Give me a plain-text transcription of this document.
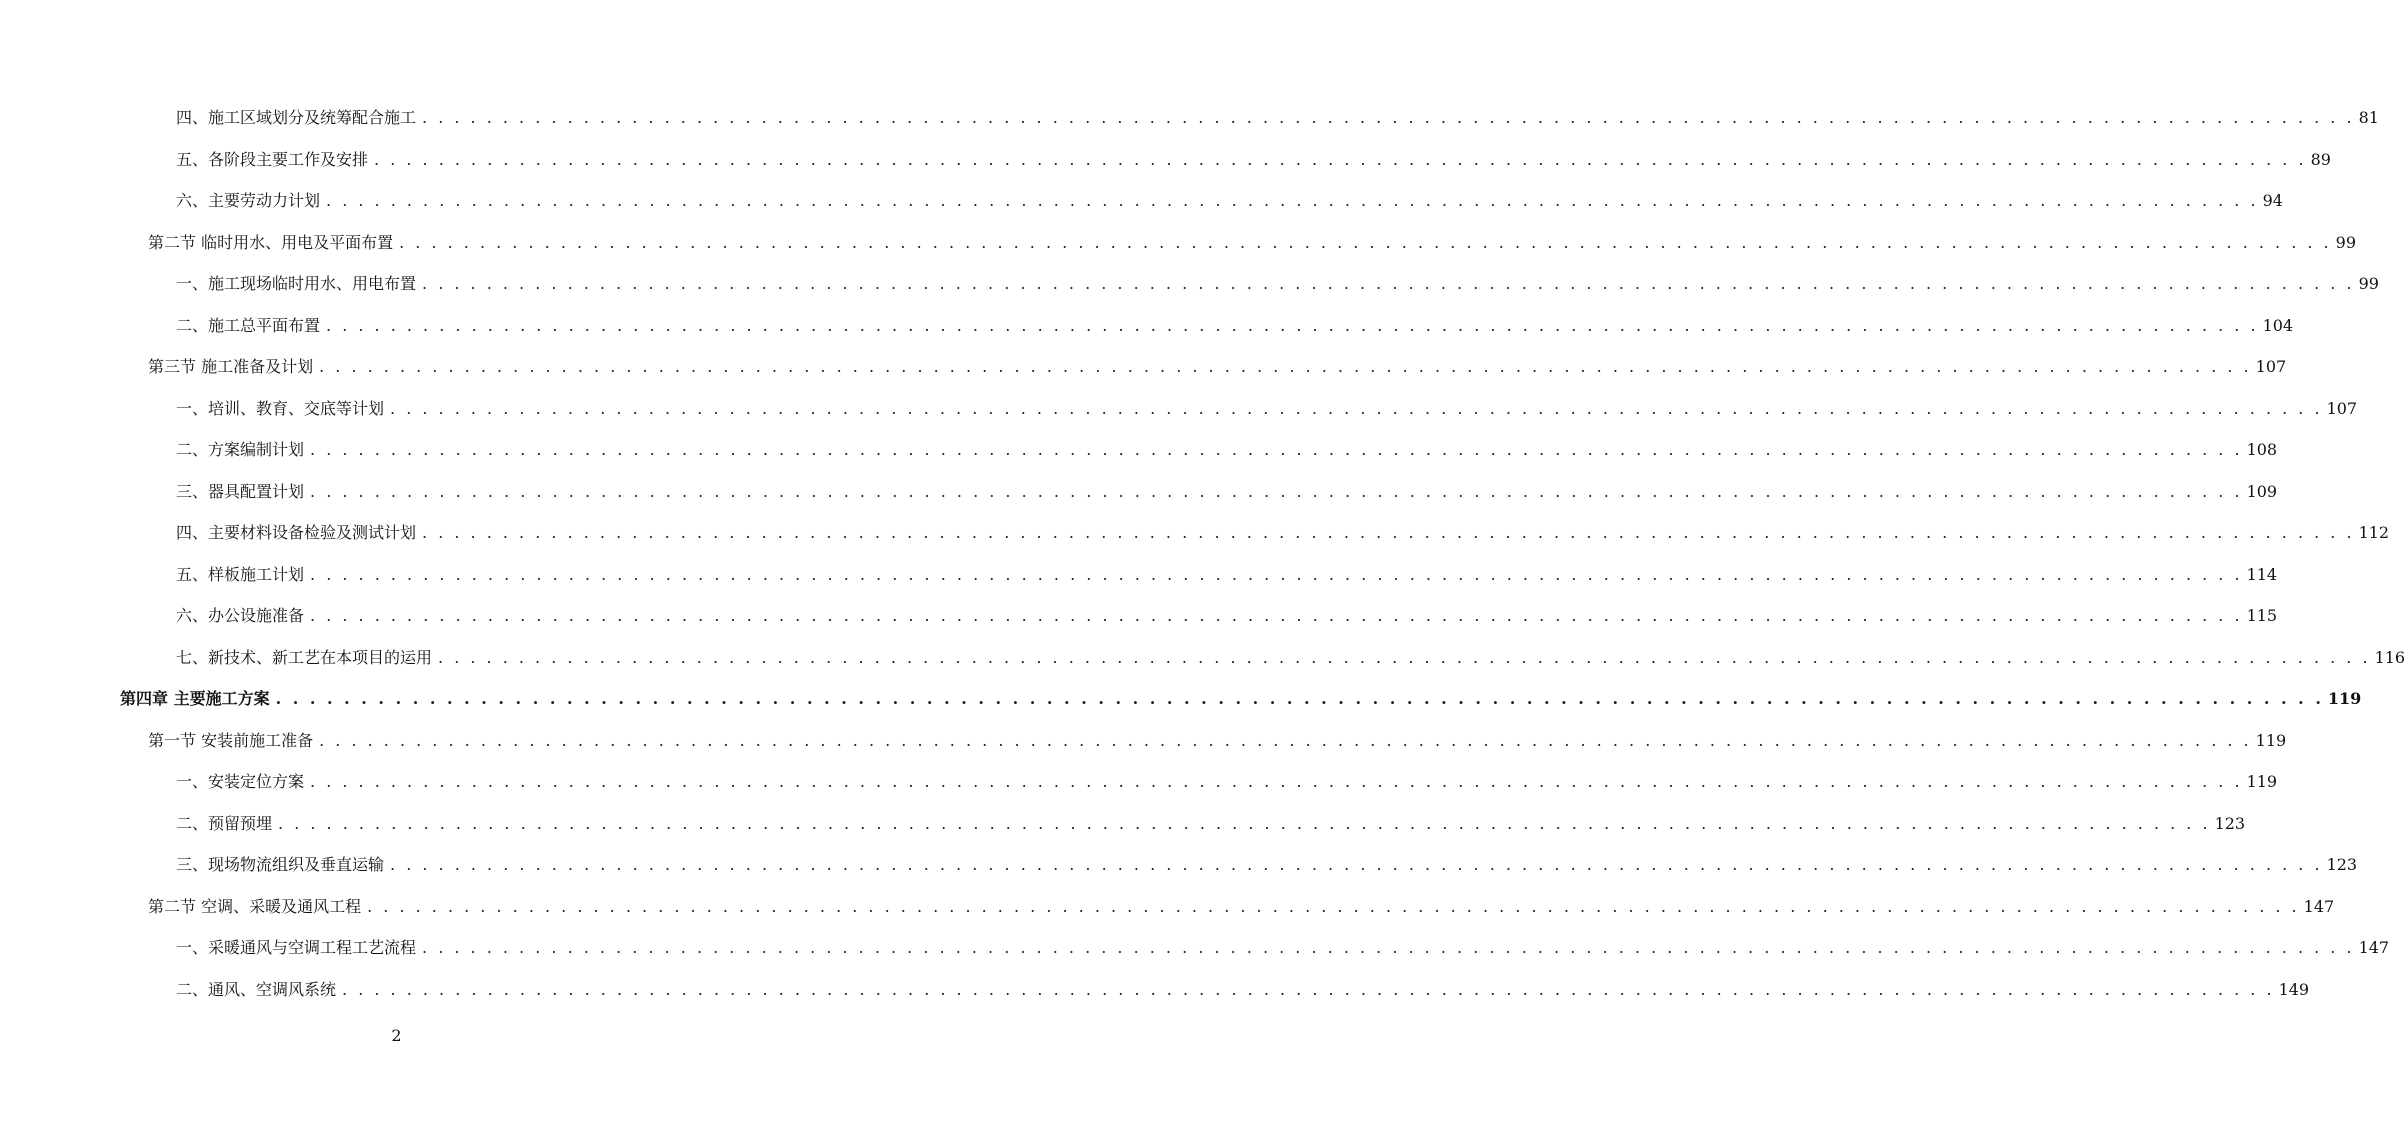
四、施工区域划分及统筹配合施工 . . . . . . . . . . . . . . . . . . . . . . . . . . . . . . . . . . . . . . . . . . . . . . . . . . . . . . . . . . . . . . . . . . . . . . . . . . . . . . . . . . . . . . . . . . . . . . . . . . . . . . . . . . . . . . . . . . . . . . . . 81
五、各阶段主要工作及安排 . . . . . . . . . . . . . . . . . . . . . . . . . . . . . . . . . . . . . . . . . . . . . . . . . . . . . . . . . . . . . . . . . . . . . . . . . . . . . . . . . . . . . . . . . . . . . . . . . . . . . . . . . . . . . . . . . . . . . . . . 89
六、主要劳动力计划 . . . . . . . . . . . . . . . . . . . . . . . . . . . . . . . . . . . . . . . . . . . . . . . . . . . . . . . . . . . . . . . . . . . . . . . . . . . . . . . . . . . . . . . . . . . . . . . . . . . . . . . . . . . . . . . . . . . . . . . . 94
第二节 临时用水、用电及平面布置 . . . . . . . . . . . . . . . . . . . . . . . . . . . . . . . . . . . . . . . . . . . . . . . . . . . . . . . . . . . . . . . . . . . . . . . . . . . . . . . . . . . . . . . . . . . . . . . . . . . . . . . . . . . . . . . . . . . . . . . . 99
一、施工现场临时用水、用电布置 . . . . . . . . . . . . . . . . . . . . . . . . . . . . . . . . . . . . . . . . . . . . . . . . . . . . . . . . . . . . . . . . . . . . . . . . . . . . . . . . . . . . . . . . . . . . . . . . . . . . . . . . . . . . . . . . . . . . . . . . 99
二、施工总平面布置 . . . . . . . . . . . . . . . . . . . . . . . . . . . . . . . . . . . . . . . . . . . . . . . . . . . . . . . . . . . . . . . . . . . . . . . . . . . . . . . . . . . . . . . . . . . . . . . . . . . . . . . . . . . . . . . . . . . . . . . . 104
第三节 施工准备及计划 . . . . . . . . . . . . . . . . . . . . . . . . . . . . . . . . . . . . . . . . . . . . . . . . . . . . . . . . . . . . . . . . . . . . . . . . . . . . . . . . . . . . . . . . . . . . . . . . . . . . . . . . . . . . . . . . . . . . . . . . 107
一、培训、教育、交底等计划 . . . . . . . . . . . . . . . . . . . . . . . . . . . . . . . . . . . . . . . . . . . . . . . . . . . . . . . . . . . . . . . . . . . . . . . . . . . . . . . . . . . . . . . . . . . . . . . . . . . . . . . . . . . . . . . . . . . . . . . . 107
二、方案编制计划 . . . . . . . . . . . . . . . . . . . . . . . . . . . . . . . . . . . . . . . . . . . . . . . . . . . . . . . . . . . . . . . . . . . . . . . . . . . . . . . . . . . . . . . . . . . . . . . . . . . . . . . . . . . . . . . . . . . . . . . . 108
三、器具配置计划 . . . . . . . . . . . . . . . . . . . . . . . . . . . . . . . . . . . . . . . . . . . . . . . . . . . . . . . . . . . . . . . . . . . . . . . . . . . . . . . . . . . . . . . . . . . . . . . . . . . . . . . . . . . . . . . . . . . . . . . . 109
四、主要材料设备检验及测试计划 . . . . . . . . . . . . . . . . . . . . . . . . . . . . . . . . . . . . . . . . . . . . . . . . . . . . . . . . . . . . . . . . . . . . . . . . . . . . . . . . . . . . . . . . . . . . . . . . . . . . . . . . . . . . . . . . . . . . . . . . 112
五、样板施工计划 . . . . . . . . . . . . . . . . . . . . . . . . . . . . . . . . . . . . . . . . . . . . . . . . . . . . . . . . . . . . . . . . . . . . . . . . . . . . . . . . . . . . . . . . . . . . . . . . . . . . . . . . . . . . . . . . . . . . . . . . 114
六、办公设施准备 . . . . . . . . . . . . . . . . . . . . . . . . . . . . . . . . . . . . . . . . . . . . . . . . . . . . . . . . . . . . . . . . . . . . . . . . . . . . . . . . . . . . . . . . . . . . . . . . . . . . . . . . . . . . . . . . . . . . . . . . 115
七、新技术、新工艺在本项目的运用 . . . . . . . . . . . . . . . . . . . . . . . . . . . . . . . . . . . . . . . . . . . . . . . . . . . . . . . . . . . . . . . . . . . . . . . . . . . . . . . . . . . . . . . . . . . . . . . . . . . . . . . . . . . . . . . . . . . . . . . . 116
第四章 主要施工方案 . . . . . . . . . . . . . . . . . . . . . . . . . . . . . . . . . . . . . . . . . . . . . . . . . . . . . . . . . . . . . . . . . . . . . . . . . . . . . . . . . . . . . . . . . . . . . . . . . . . . . . . . . . . . . . . . . . . . . . . . 119
第一节 安装前施工准备 . . . . . . . . . . . . . . . . . . . . . . . . . . . . . . . . . . . . . . . . . . . . . . . . . . . . . . . . . . . . . . . . . . . . . . . . . . . . . . . . . . . . . . . . . . . . . . . . . . . . . . . . . . . . . . . . . . . . . . . . 119
一、安装定位方案 . . . . . . . . . . . . . . . . . . . . . . . . . . . . . . . . . . . . . . . . . . . . . . . . . . . . . . . . . . . . . . . . . . . . . . . . . . . . . . . . . . . . . . . . . . . . . . . . . . . . . . . . . . . . . . . . . . . . . . . . 119
二、预留预埋 . . . . . . . . . . . . . . . . . . . . . . . . . . . . . . . . . . . . . . . . . . . . . . . . . . . . . . . . . . . . . . . . . . . . . . . . . . . . . . . . . . . . . . . . . . . . . . . . . . . . . . . . . . . . . . . . . . . . . . . . 123
三、现场物流组织及垂直运输 . . . . . . . . . . . . . . . . . . . . . . . . . . . . . . . . . . . . . . . . . . . . . . . . . . . . . . . . . . . . . . . . . . . . . . . . . . . . . . . . . . . . . . . . . . . . . . . . . . . . . . . . . . . . . . . . . . . . . . . . 123
第二节 空调、采暖及通风工程 . . . . . . . . . . . . . . . . . . . . . . . . . . . . . . . . . . . . . . . . . . . . . . . . . . . . . . . . . . . . . . . . . . . . . . . . . . . . . . . . . . . . . . . . . . . . . . . . . . . . . . . . . . . . . . . . . . . . . . . . 147
一、采暖通风与空调工程工艺流程 . . . . . . . . . . . . . . . . . . . . . . . . . . . . . . . . . . . . . . . . . . . . . . . . . . . . . . . . . . . . . . . . . . . . . . . . . . . . . . . . . . . . . . . . . . . . . . . . . . . . . . . . . . . . . . . . . . . . . . . . 147
二、通风、空调风系统 . . . . . . . . . . . . . . . . . . . . . . . . . . . . . . . . . . . . . . . . . . . . . . . . . . . . . . . . . . . . . . . . . . . . . . . . . . . . . . . . . . . . . . . . . . . . . . . . . . . . . . . . . . . . . . . . . . . . . . . . 149
2
